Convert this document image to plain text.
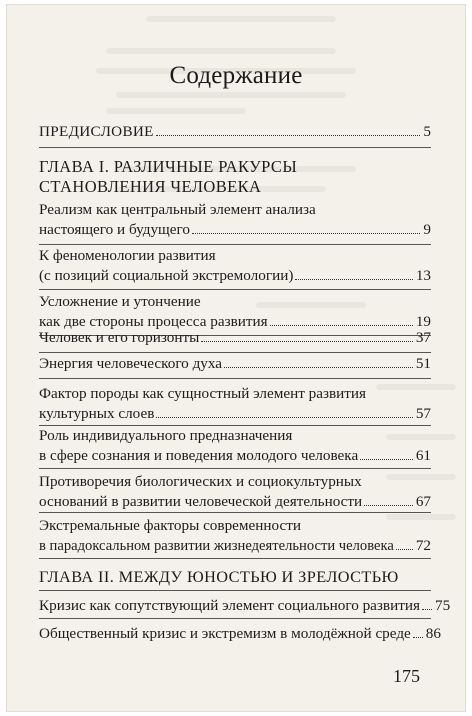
Содержание
ПРЕДИСЛОВИЕ	5
ГЛАВА I. РАЗЛИЧНЫЕ РАКУРСЫ
СТАНОВЛЕНИЯ ЧЕЛОВЕКА
Реализм как центральный элемент анализа
настоящего и будущего	9
К феноменологии развития
(с позиций социальной экстремологии)	13
Усложнение и утончение
как две стороны процесса развития	19
Человек и его горизонты	37
Энергия человеческого духа	51
Фактор породы как сущностный элемент развития
культурных слоев	57
Роль индивидуального предназначения
в сфере сознания и поведения молодого человека	61
Противоречия биологических и социокультурных
оснований в развитии человеческой деятельности	67
Экстремальные факторы современности
в парадоксальном развитии жизнедеятельности человека 72
ГЛАВА II. МЕЖДУ ЮНОСТЬЮ И ЗРЕЛОСТЬЮ
Кризис как сопутствующий элемент социального развития 75
Общественный кризис и экстремизм в молодёжной среде 86
175
